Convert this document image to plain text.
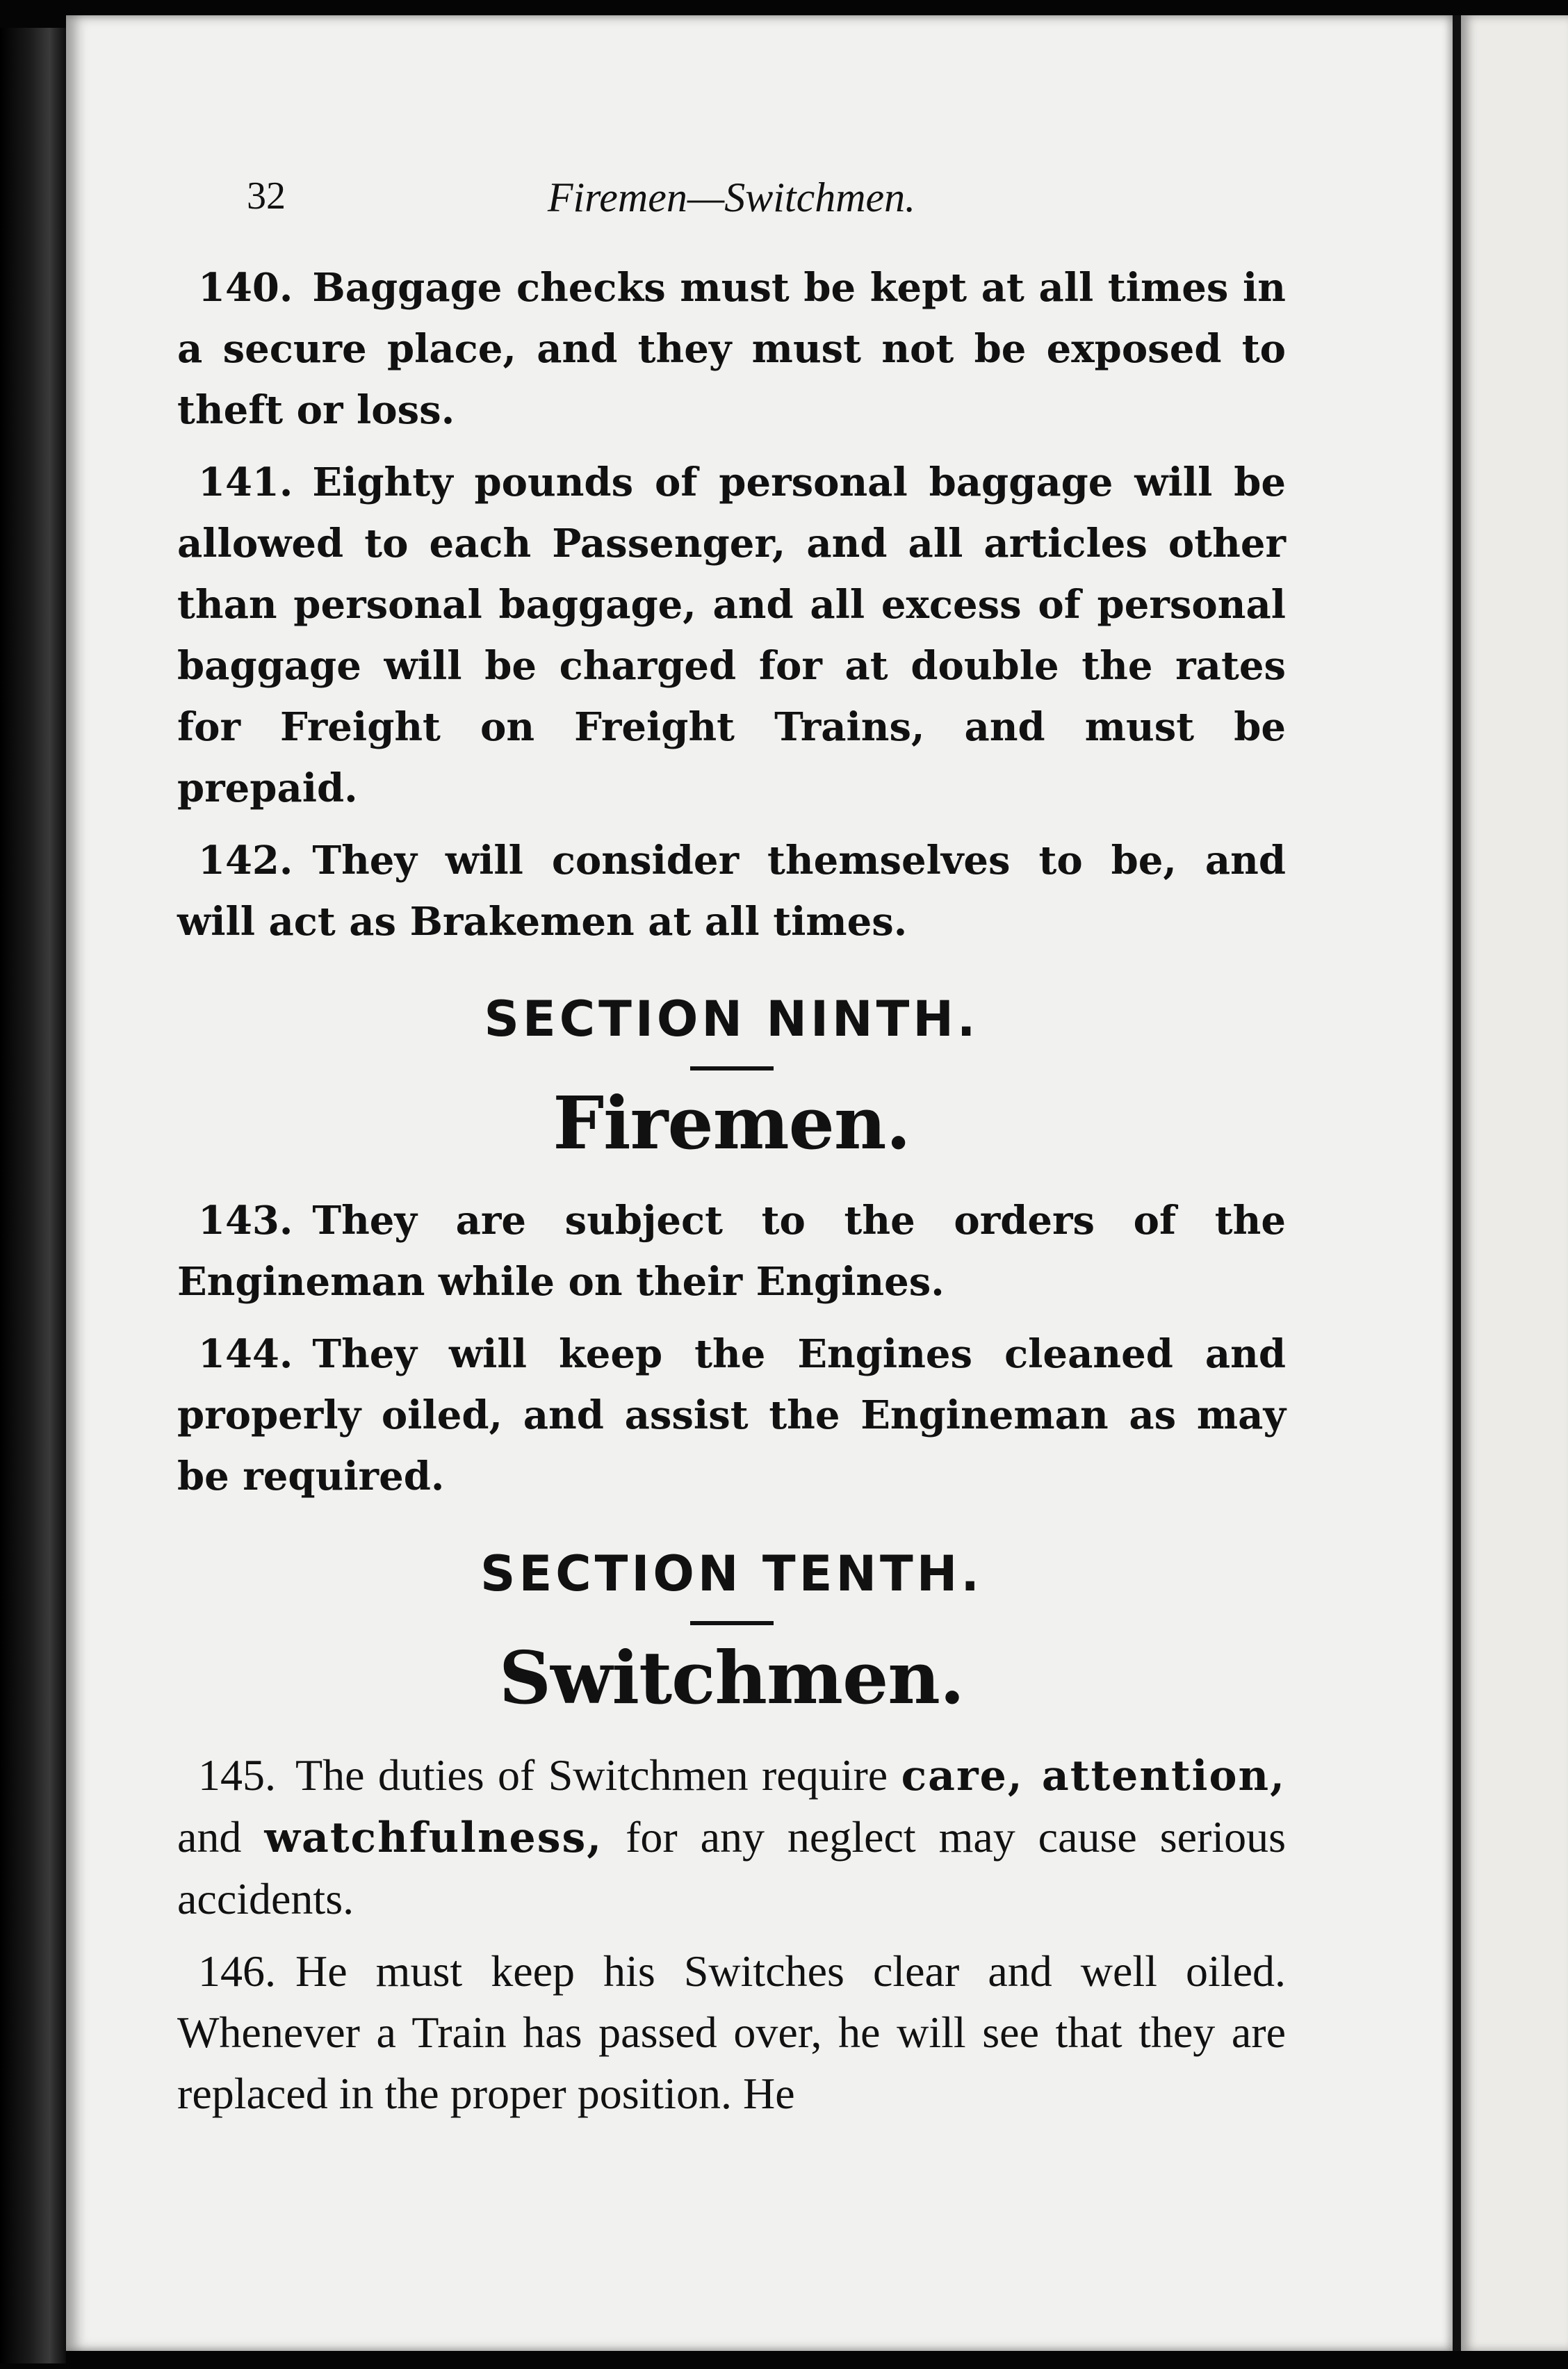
32	Firemen—Switchmen.

140. Baggage checks must be kept at all times in a secure place, and they must not be exposed to theft or loss.

141. Eighty pounds of personal baggage will be allowed to each Passenger, and all articles other than personal baggage, and all excess of personal baggage will be charged for at double the rates for Freight on Freight Trains, and must be prepaid.

142. They will consider themselves to be, and will act as Brakemen at all times.

SECTION NINTH.
Firemen.

143. They are subject to the orders of the Engineman while on their Engines.

144. They will keep the Engines cleaned and properly oiled, and assist the Engineman as may be required.

SECTION TENTH.
Switchmen.

145. The duties of Switchmen require care, attention, and watchfulness, for any neglect may cause serious accidents.

146. He must keep his Switches clear and well oiled. Whenever a Train has passed over, he will see that they are replaced in the proper position. He
